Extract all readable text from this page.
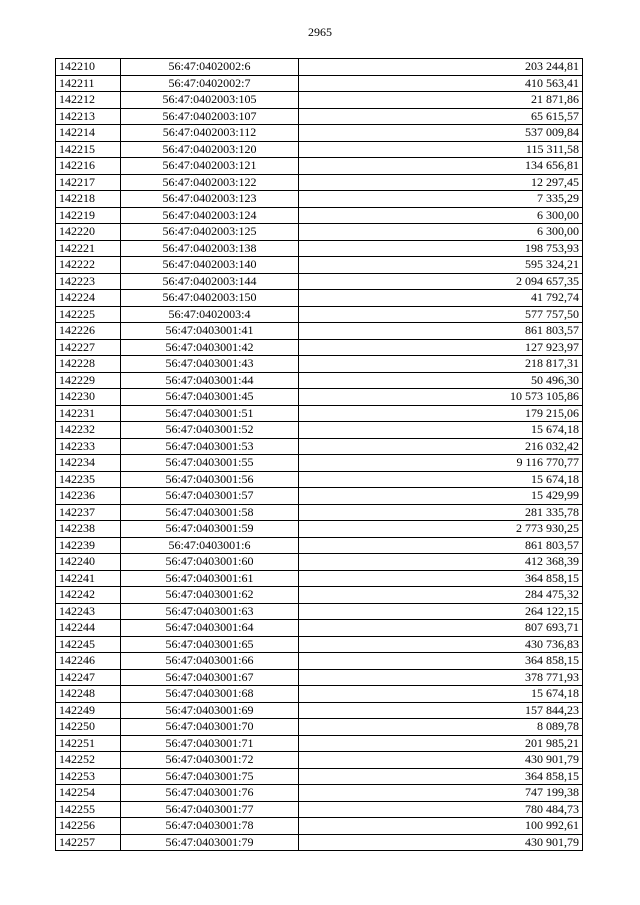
2965
142210	56:47:0402002:6	203 244,81
142211	56:47:0402002:7	410 563,41
142212	56:47:0402003:105	21 871,86
142213	56:47:0402003:107	65 615,57
142214	56:47:0402003:112	537 009,84
142215	56:47:0402003:120	115 311,58
142216	56:47:0402003:121	134 656,81
142217	56:47:0402003:122	12 297,45
142218	56:47:0402003:123	7 335,29
142219	56:47:0402003:124	6 300,00
142220	56:47:0402003:125	6 300,00
142221	56:47:0402003:138	198 753,93
142222	56:47:0402003:140	595 324,21
142223	56:47:0402003:144	2 094 657,35
142224	56:47:0402003:150	41 792,74
142225	56:47:0402003:4	577 757,50
142226	56:47:0403001:41	861 803,57
142227	56:47:0403001:42	127 923,97
142228	56:47:0403001:43	218 817,31
142229	56:47:0403001:44	50 496,30
142230	56:47:0403001:45	10 573 105,86
142231	56:47:0403001:51	179 215,06
142232	56:47:0403001:52	15 674,18
142233	56:47:0403001:53	216 032,42
142234	56:47:0403001:55	9 116 770,77
142235	56:47:0403001:56	15 674,18
142236	56:47:0403001:57	15 429,99
142237	56:47:0403001:58	281 335,78
142238	56:47:0403001:59	2 773 930,25
142239	56:47:0403001:6	861 803,57
142240	56:47:0403001:60	412 368,39
142241	56:47:0403001:61	364 858,15
142242	56:47:0403001:62	284 475,32
142243	56:47:0403001:63	264 122,15
142244	56:47:0403001:64	807 693,71
142245	56:47:0403001:65	430 736,83
142246	56:47:0403001:66	364 858,15
142247	56:47:0403001:67	378 771,93
142248	56:47:0403001:68	15 674,18
142249	56:47:0403001:69	157 844,23
142250	56:47:0403001:70	8 089,78
142251	56:47:0403001:71	201 985,21
142252	56:47:0403001:72	430 901,79
142253	56:47:0403001:75	364 858,15
142254	56:47:0403001:76	747 199,38
142255	56:47:0403001:77	780 484,73
142256	56:47:0403001:78	100 992,61
142257	56:47:0403001:79	430 901,79
